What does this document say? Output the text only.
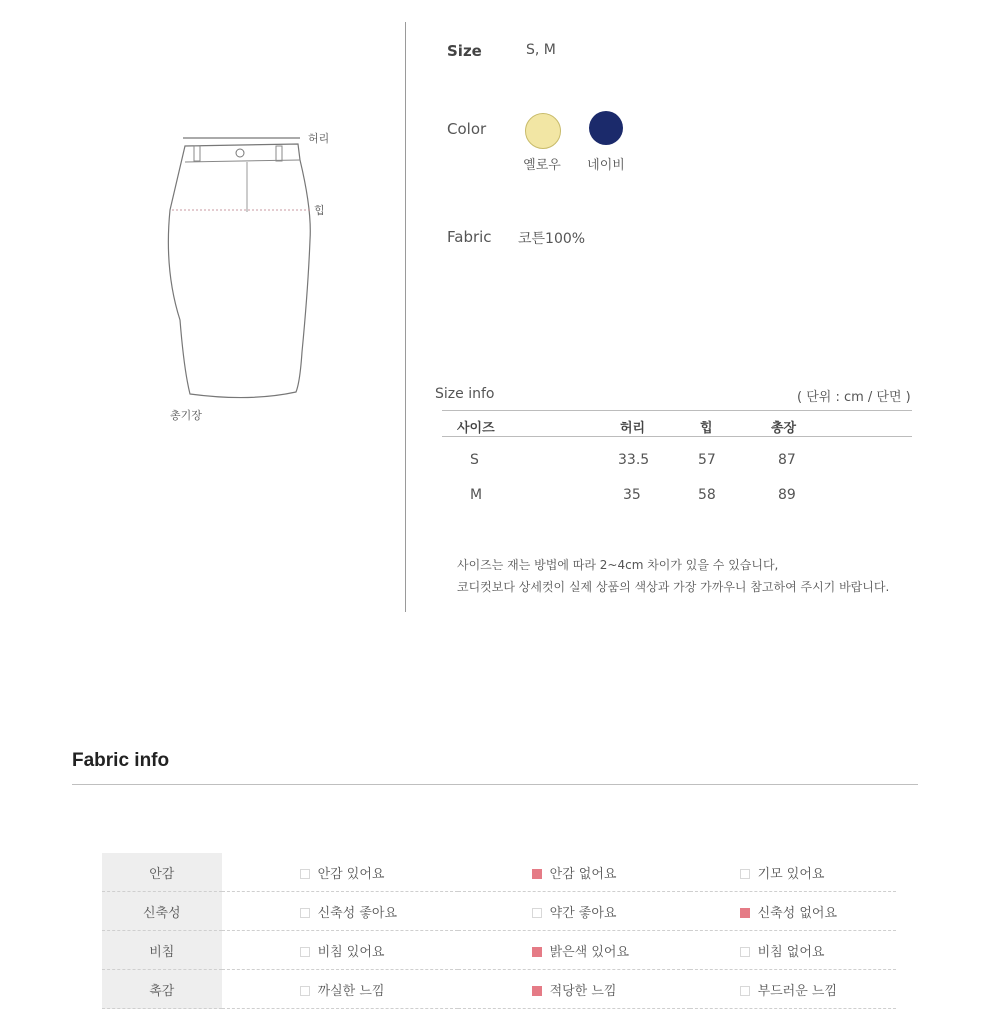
허리
힙
총기장
Size	S, M
Color
옐로우	네이비
Fabric 코튼100%
Size info	( 단위 : cm / 단면 )
사이즈	허리	힙	총장
S	33.5	57	87
M	35	58	89
사이즈는 재는 방법에 따라 2~4cm 차이가 있을 수 있습니다,
코디컷보다 상세컷이 실제 상품의 색상과 가장 가까우니 참고하여 주시기 바랍니다.
Fabric info
안감	안감 있어요	안감 없어요	기모 있어요
신축성	신축성 좋아요	약간 좋아요	신축성 없어요
비침	비침 있어요	밝은색 있어요	비침 없어요
촉감	까실한 느낌	적당한 느낌	부드러운 느낌
